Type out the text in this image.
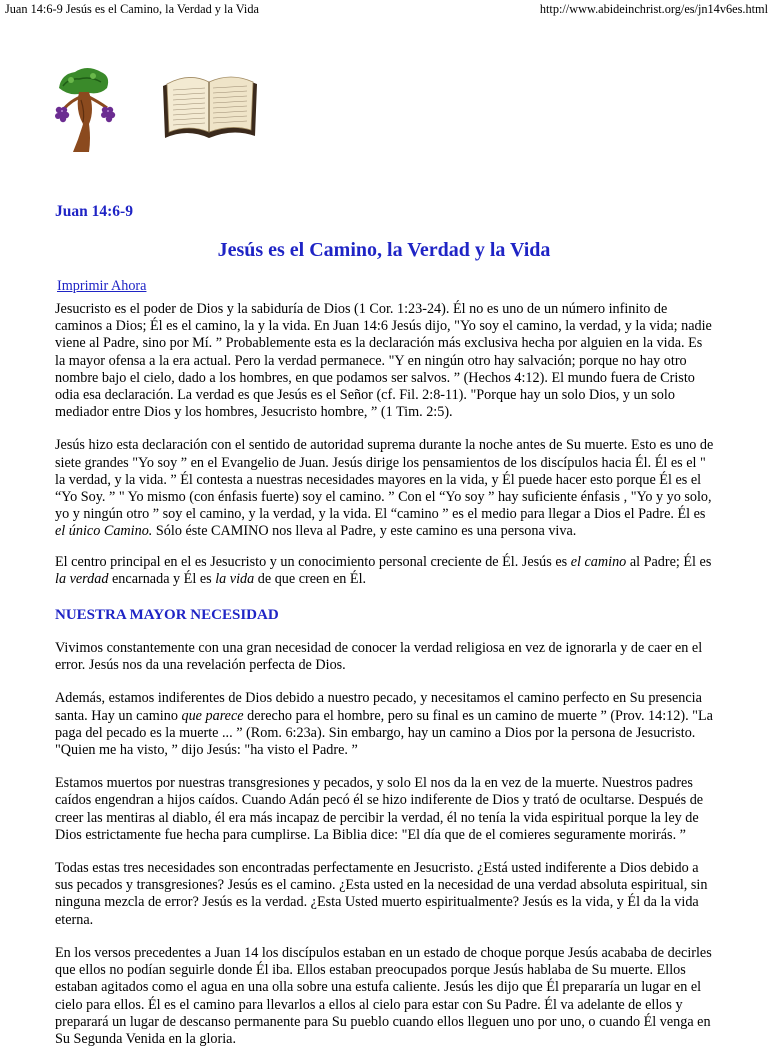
Juan 14:6-9 Jesús es el Camino, la Verdad y la Vida	http://www.abideinchrist.org/es/jn14v6es.html
Juan 14:6-9
Jesús es el Camino, la Verdad y la Vida
Imprimir Ahora

Jesucristo es el poder de Dios y la sabiduría de Dios (1 Cor. 1:23-24). Él no es uno de un número infinito de caminos a Dios; Él es el camino, la y la vida. En Juan 14:6 Jesús dijo, "Yo soy el camino, la verdad, y la vida; nadie viene al Padre, sino por Mí. ” Probablemente esta es la declaración más exclusiva hecha por alguien en la vida. Es la mayor ofensa a la era actual. Pero la verdad permanece. "Y en ningún otro hay salvación; porque no hay otro nombre bajo el cielo, dado a los hombres, en que podamos ser salvos. ” (Hechos 4:12). El mundo fuera de Cristo odia esa declaración. La verdad es que Jesús es el Señor (cf. Fil. 2:8-11). "Porque hay un solo Dios, y un solo mediador entre Dios y los hombres, Jesucristo hombre, ” (1 Tim. 2:5).

Jesús hizo esta declaración con el sentido de autoridad suprema durante la noche antes de Su muerte. Esto es uno de siete grandes "Yo soy ” en el Evangelio de Juan. Jesús dirige los pensamientos de los discípulos hacia Él. Él es el " la verdad, y la vida. ” Él contesta a nuestras necesidades mayores en la vida, y Él puede hacer esto porque Él es el “Yo Soy. ” " Yo mismo (con énfasis fuerte) soy el camino. ” Con el “Yo soy ” hay suficiente énfasis , "Yo y yo solo, yo y ningún otro ” soy el camino, y la verdad, y la vida. El “camino ” es el medio para llegar a Dios el Padre. Él es el único Camino. Sólo éste CAMINO nos lleva al Padre, y este camino es una persona viva.

El centro principal en el es Jesucristo y un conocimiento personal creciente de Él. Jesús es el camino al Padre; Él es la verdad encarnada y Él es la vida de que creen en Él.

NUESTRA MAYOR NECESIDAD

Vivimos constantemente con una gran necesidad de conocer la verdad religiosa en vez de ignorarla y de caer en el error. Jesús nos da una revelación perfecta de Dios.

Además, estamos indiferentes de Dios debido a nuestro pecado, y necesitamos el camino perfecto en Su presencia santa. Hay un camino que parece derecho para el hombre, pero su final es un camino de muerte ” (Prov. 14:12). "La paga del pecado es la muerte ... ” (Rom. 6:23a). Sin embargo, hay un camino a Dios por la persona de Jesucristo. "Quien me ha visto, ” dijo Jesús: "ha visto el Padre. ”

Estamos muertos por nuestras transgresiones y pecados, y solo El nos da la en vez de la muerte. Nuestros padres caídos engendran a hijos caídos. Cuando Adán pecó él se hizo indiferente de Dios y trató de ocultarse. Después de creer las mentiras al diablo, él era más incapaz de percibir la verdad, él no tenía la vida espiritual porque la ley de Dios estrictamente fue hecha para cumplirse. La Biblia dice: "El día que de el comieres seguramente morirás. ”

Todas estas tres necesidades son encontradas perfectamente en Jesucristo. ¿Está usted indiferente a Dios debido a sus pecados y transgresiones? Jesús es el camino. ¿Esta usted en la necesidad de una verdad absoluta espiritual, sin ninguna mezcla de error? Jesús es la verdad. ¿Esta Usted muerto espiritualmente? Jesús es la vida, y Él da la vida eterna.

En los versos precedentes a Juan 14 los discípulos estaban en un estado de choque porque Jesús acababa de decirles que ellos no podían seguirle donde Él iba. Ellos estaban preocupados porque Jesús hablaba de Su muerte. Ellos estaban agitados como el agua en una olla sobre una estufa caliente. Jesús les dijo que Él prepararía un lugar en el cielo para ellos. Él es el camino para llevarlos a ellos al cielo para estar con Su Padre. Él va adelante de ellos y preparará un lugar de descanso permanente para Su pueblo cuando ellos lleguen uno por uno, o cuando Él venga en Su Segunda Venida en la gloria.
